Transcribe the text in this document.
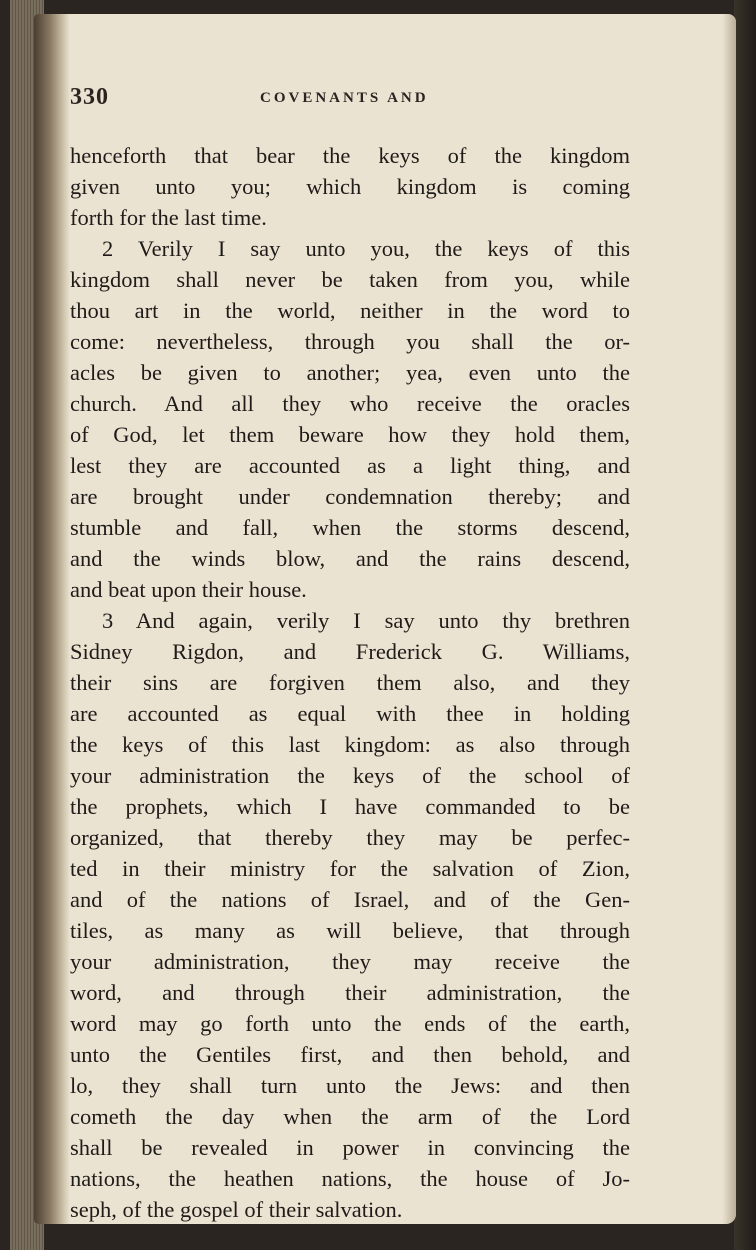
330	COVENANTS AND
henceforth that bear the keys of the kingdom
given unto you; which kingdom is coming
forth for the last time.
2 Verily I say unto you, the keys of this
kingdom shall never be taken from you, while
thou art in the world, neither in the word to
come: nevertheless, through you shall the or-
acles be given to another; yea, even unto the
church. And all they who receive the oracles
of God, let them beware how they hold them,
lest they are accounted as a light thing, and
are brought under condemnation thereby; and
stumble and fall, when the storms descend,
and the winds blow, and the rains descend,
and beat upon their house.
3 And again, verily I say unto thy brethren
Sidney Rigdon, and Frederick G. Williams,
their sins are forgiven them also, and they
are accounted as equal with thee in holding
the keys of this last kingdom: as also through
your administration the keys of the school of
the prophets, which I have commanded to be
organized, that thereby they may be perfec-
ted in their ministry for the salvation of Zion,
and of the nations of Israel, and of the Gen-
tiles, as many as will believe, that through
your administration, they may receive the
word, and through their administration, the
word may go forth unto the ends of the earth,
unto the Gentiles first, and then behold, and
lo, they shall turn unto the Jews: and then
cometh the day when the arm of the Lord
shall be revealed in power in convincing the
nations, the heathen nations, the house of Jo-
seph, of the gospel of their salvation.
